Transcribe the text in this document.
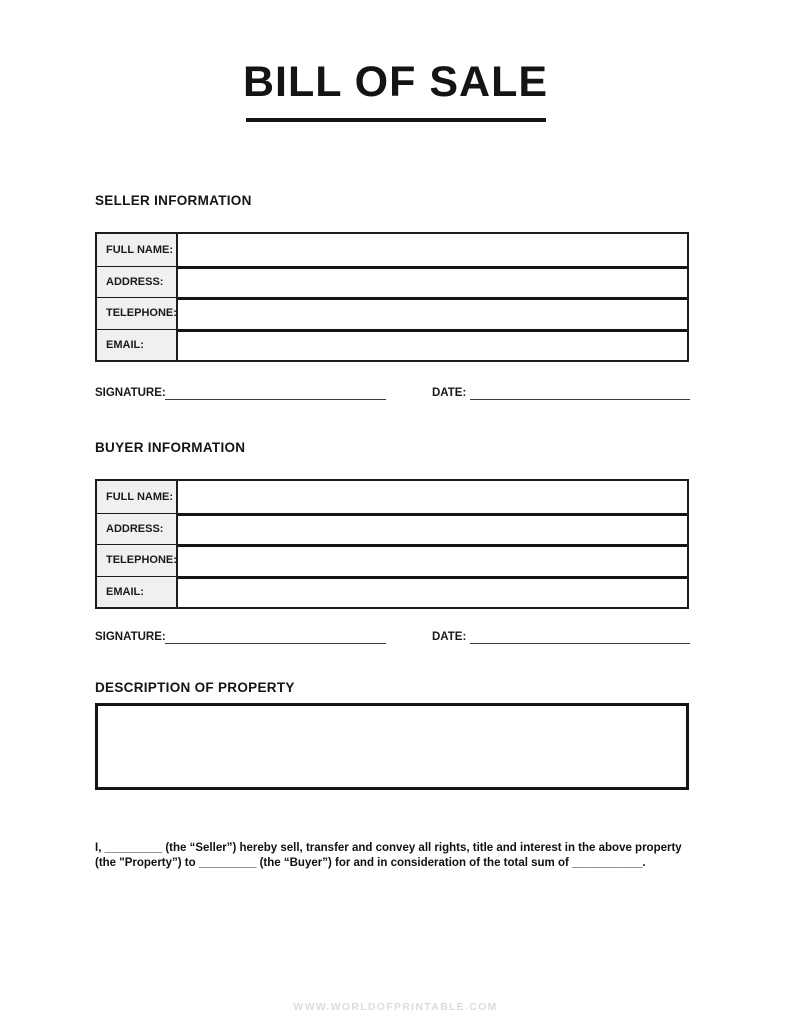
BILL OF SALE
SELLER INFORMATION
FULL NAME:
ADDRESS:
TELEPHONE:
EMAIL:
SIGNATURE:	DATE:
BUYER INFORMATION
FULL NAME:
ADDRESS:
TELEPHONE:
EMAIL:
SIGNATURE:	DATE:
DESCRIPTION OF PROPERTY
I, _________ (the “Seller”) hereby sell, transfer and convey all rights, title and interest in the above property
(the "Property”) to _________ (the “Buyer”) for and in consideration of the total sum of ___________.
WWW.WORLDOFPRINTABLE.COM
